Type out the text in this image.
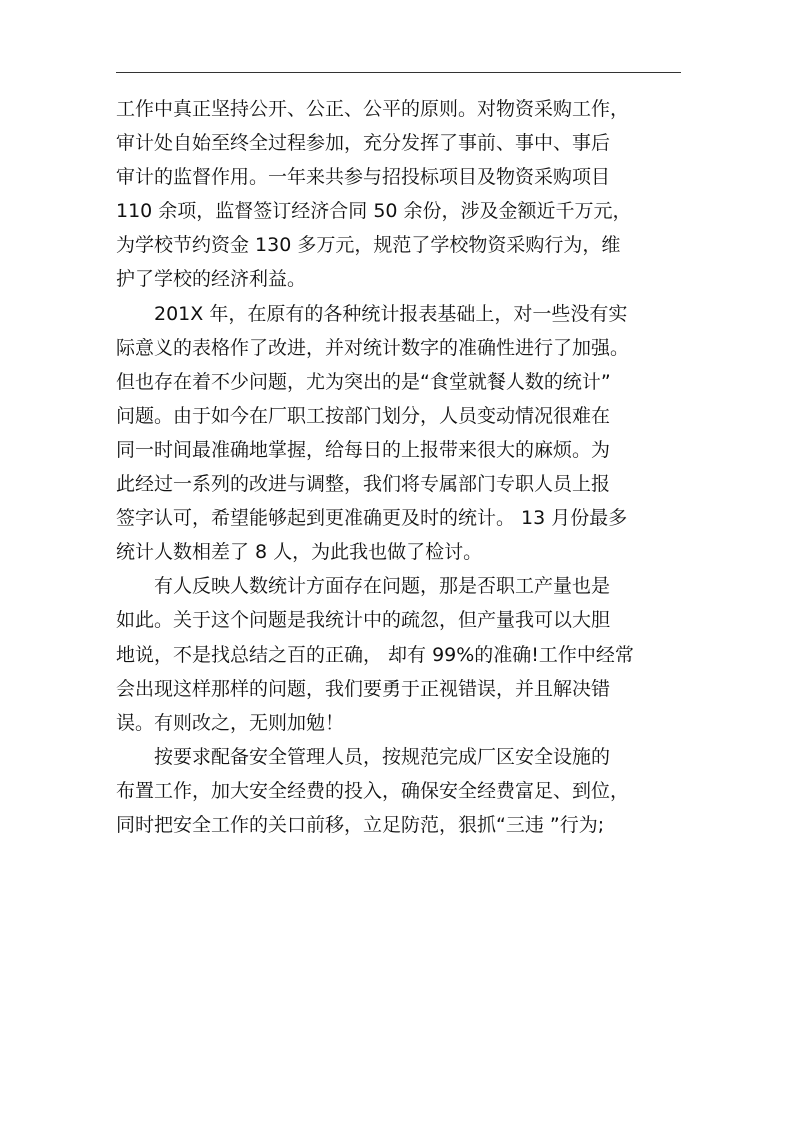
工作中真正坚持公开、公正、公平的原则。对物资采购工作，
审计处自始至终全过程参加，充分发挥了事前、事中、事后
审计的监督作用。一年来共参与招投标项目及物资采购项目
110 余项，监督签订经济合同 50 余份，涉及金额近千万元，
为学校节约资金 130 多万元，规范了学校物资采购行为，维
护了学校的经济利益。
201X 年，在原有的各种统计报表基础上，对一些没有实
际意义的表格作了改进，并对统计数字的准确性进行了加强。
但也存在着不少问题，尤为突出的是“食堂就餐人数的统计”
问题。由于如今在厂职工按部门划分，人员变动情况很难在
同一时间最准确地掌握，给每日的上报带来很大的麻烦。为
此经过一系列的改进与调整，我们将专属部门专职人员上报
签字认可，希望能够起到更准确更及时的统计。 13 月份最多
统计人数相差了 8 人，为此我也做了检讨。
有人反映人数统计方面存在问题，那是否职工产量也是
如此。关于这个问题是我统计中的疏忽，但产量我可以大胆
地说，不是找总结之百的正确， 却有 99%的准确!工作中经常
会出现这样那样的问题，我们要勇于正视错误，并且解决错
误。有则改之，无则加勉！
按要求配备安全管理人员，按规范完成厂区安全设施的
布置工作，加大安全经费的投入，确保安全经费富足、到位，
同时把安全工作的关口前移，立足防范，狠抓“三违 ”行为;
